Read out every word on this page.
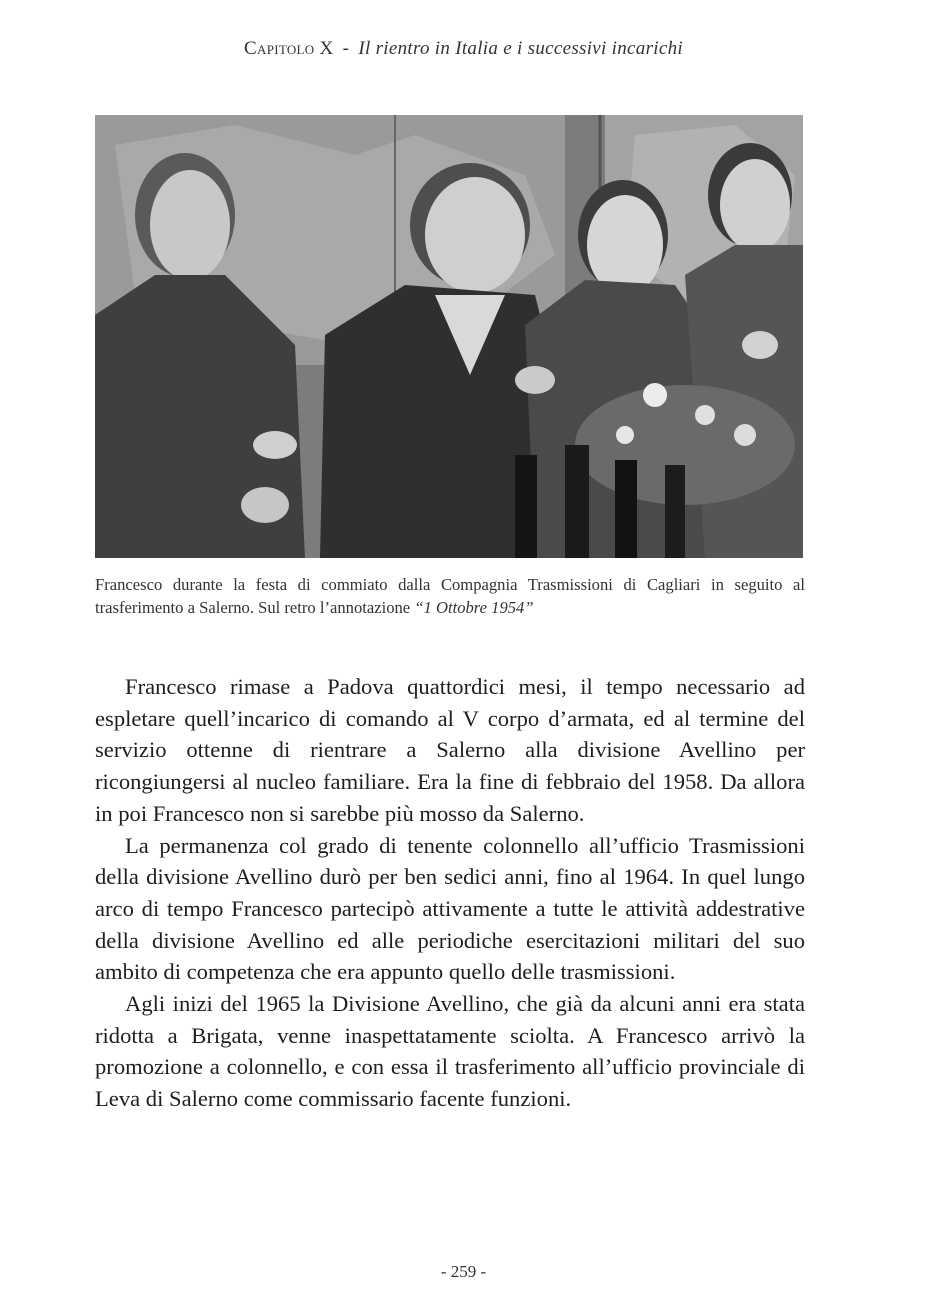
Capitolo X - Il rientro in Italia e i successivi incarichi
Francesco durante la festa di commiato dalla Compagnia Trasmissioni di Cagliari in seguito al trasferimento a Salerno. Sul retro l’annotazione “1 Ottobre 1954”

Francesco rimase a Padova quattordici mesi, il tempo necessario ad espletare quell’incarico di comando al V corpo d’armata, ed al termine del servizio ottenne di rientrare a Salerno alla divisione Avellino per ricongiungersi al nucleo familiare. Era la fine di febbraio del 1958. Da allora in poi Francesco non si sarebbe più mosso da Salerno.

La permanenza col grado di tenente colonnello all’ufficio Trasmissioni della divisione Avellino durò per ben sedici anni, fino al 1964. In quel lungo arco di tempo Francesco partecipò attivamente a tutte le attività addestrative della divisione Avellino ed alle periodiche esercitazioni militari del suo ambito di competenza che era appunto quello delle trasmissioni.

Agli inizi del 1965 la Divisione Avellino, che già da alcuni anni era stata ridotta a Brigata, venne inaspettatamente sciolta. A Francesco arrivò la promozione a colonnello, e con essa il trasferimento all’ufficio provinciale di Leva di Salerno come commissario facente funzioni.

- 259 -
